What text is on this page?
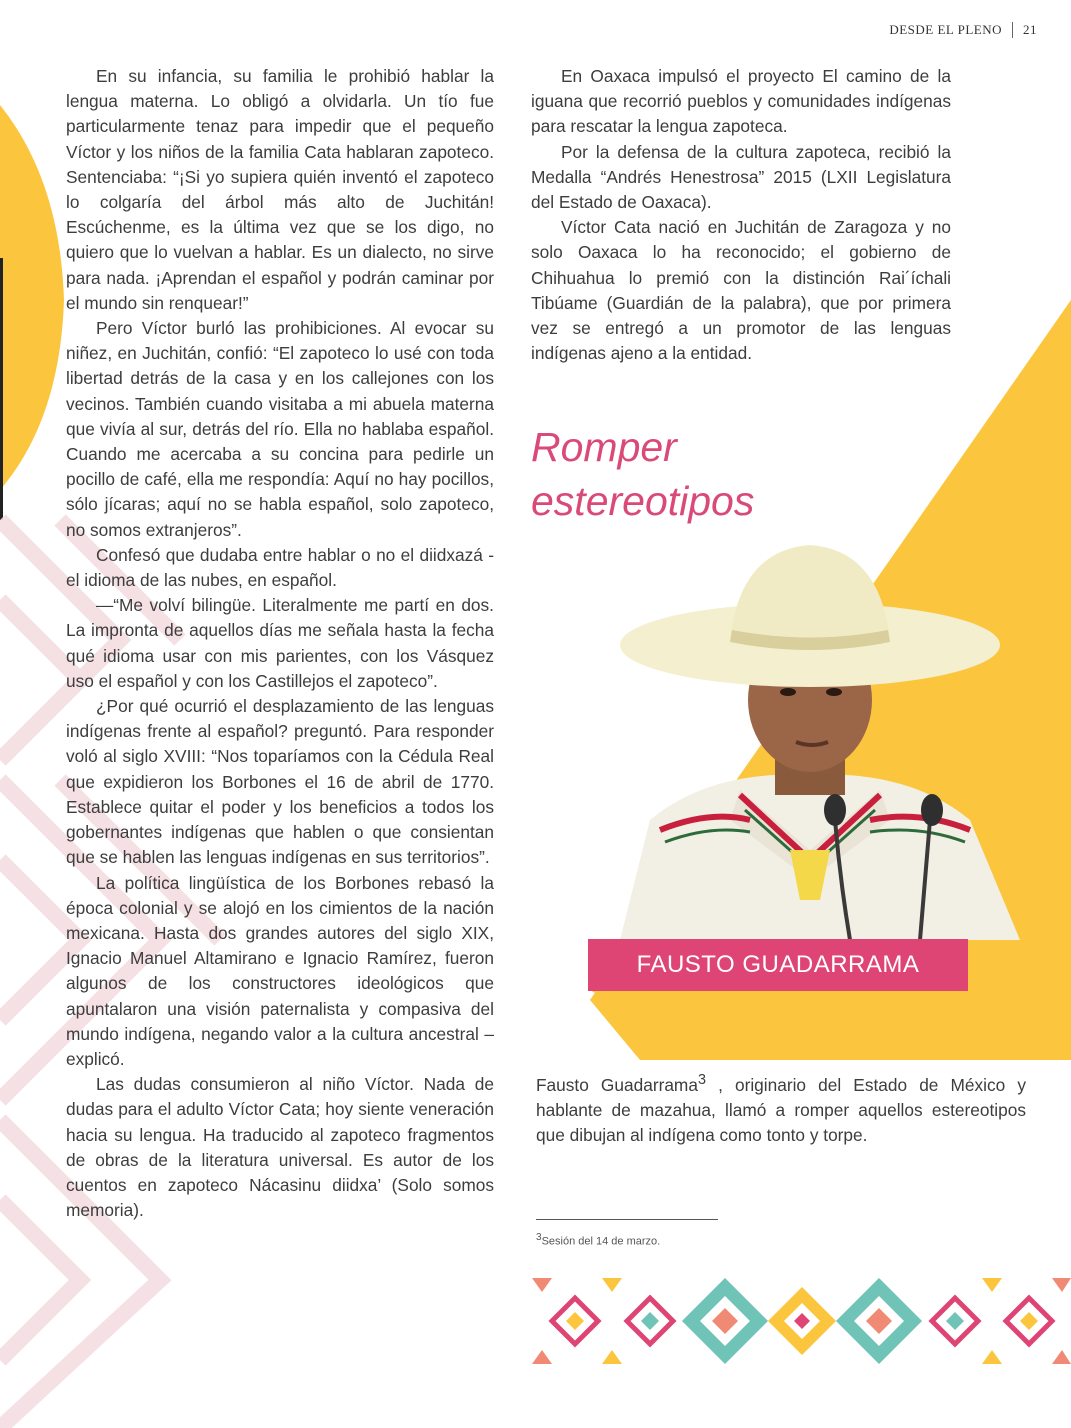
DESDE EL PLENO 21

En su infancia, su familia le prohibió hablar la lengua materna. Lo obligó a olvidarla. Un tío fue particularmente tenaz para impedir que el pequeño Víctor y los niños de la familia Cata hablaran zapoteco. Sentenciaba: “¡Si yo supiera quién inventó el zapoteco lo colgaría del árbol más alto de Juchitán! Escúchenme, es la última vez que se los digo, no quiero que lo vuelvan a hablar. Es un dialecto, no sirve para nada. ¡Aprendan el español y podrán caminar por el mundo sin renquear!”

Pero Víctor burló las prohibiciones. Al evocar su niñez, en Juchitán, confió: “El zapoteco lo usé con toda libertad detrás de la casa y en los callejones con los vecinos. También cuando visitaba a mi abuela materna que vivía al sur, detrás del río. Ella no hablaba español. Cuando me acercaba a su concina para pedirle un pocillo de café, ella me respondía: Aquí no hay pocillos, sólo jícaras; aquí no se habla español, solo zapoteco, no somos extranjeros”.

Confesó que dudaba entre hablar o no el diidxazá -el idioma de las nubes, en español.

—“Me volví bilingüe. Literalmente me partí en dos. La impronta de aquellos días me señala hasta la fecha qué idioma usar con mis parientes, con los Vásquez uso el español y con los Castillejos el zapoteco”.

¿Por qué ocurrió el desplazamiento de las lenguas indígenas frente al español? preguntó. Para responder voló al siglo XVIII: “Nos toparíamos con la Cédula Real que expidieron los Borbones el 16 de abril de 1770. Establece quitar el poder y los beneficios a todos los gobernantes indígenas que hablen o que consientan que se hablen las lenguas indígenas en sus territorios”.

La política lingüística de los Borbones rebasó la época colonial y se alojó en los cimientos de la nación mexicana. Hasta dos grandes autores del siglo XIX, Ignacio Manuel Altamirano e Ignacio Ramírez, fueron algunos de los constructores ideológicos que apuntalaron una visión paternalista y compasiva del mundo indígena, negando valor a la cultura ancestral –explicó.

Las dudas consumieron al niño Víctor. Nada de dudas para el adulto Víctor Cata; hoy siente veneración hacia su lengua. Ha traducido al zapoteco fragmentos de obras de la literatura universal. Es autor de los cuentos en zapoteco Nácasinu diidxa’ (Solo somos memoria).

En Oaxaca impulsó el proyecto El camino de la iguana que recorrió pueblos y comunidades indígenas para rescatar la lengua zapoteca.

Por la defensa de la cultura zapoteca, recibió la Medalla “Andrés Henestrosa” 2015 (LXII Legislatura del Estado de Oaxaca).

Víctor Cata nació en Juchitán de Zaragoza y no solo Oaxaca lo ha reconocido; el gobierno de Chihuahua lo premió con la distinción Rai´íchali Tibúame (Guardián de la palabra), que por primera vez se entregó a un promotor de las lenguas indígenas ajeno a la entidad.

Romper
estereotipos
FAUSTO GUADARRAMA

Fausto Guadarrama$^3$ , originario del Estado de México y hablante de mazahua, llamó a romper aquellos estereotipos que dibujan al indígena como tonto y torpe.

$^3$Sesión del 14 de marzo.
